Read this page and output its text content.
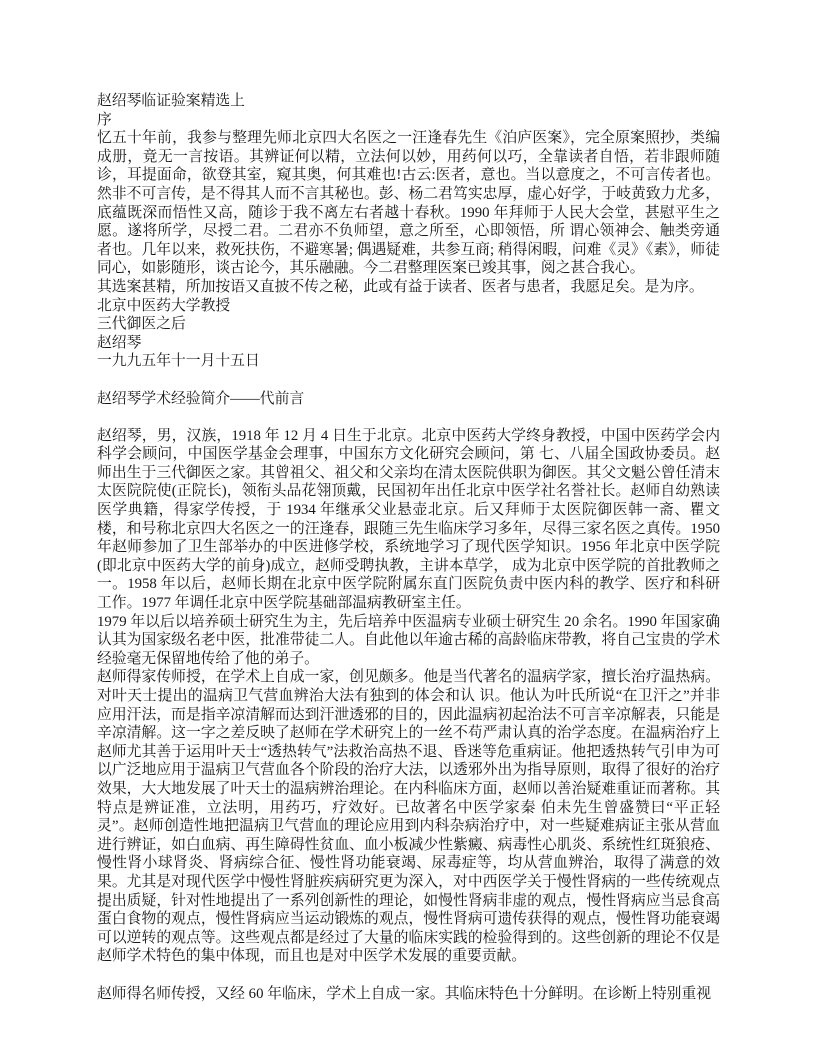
赵绍琴临证验案精选上

序

忆五十年前，我参与整理先师北京四大名医之一汪逢春先生《泊庐医案》，完全原案照抄，类编成册，竟无一言按语。其辨证何以精，立法何以妙，用药何以巧，全靠读者自悟，若非跟师随诊，耳提面命，欲登其室，窥其奥，何其难也!古云:医者，意也。当以意度之，不可言传者也。然非不可言传，是不得其人而不言其秘也。彭、杨二君笃实忠厚，虚心好学，于岐黄致力尤多，底蕴既深而悟性又高，随诊于我不离左右者越十春秋。1990 年拜师于人民大会堂，甚慰平生之愿。遂将所学，尽授二君。二君亦不负师望，意之所至，心即领悟，所 谓心领神会、触类旁通者也。几年以来，救死扶伤，不避寒暑; 偶遇疑难，共参互商; 稍得闲暇，问难《灵》《素》，师徒同心，如影随形，谈古论今，其乐融融。今二君整理医案已竣其事，阅之甚合我心。

其选案甚精，所加按语又直披不传之秘，此或有益于读者、医者与患者，我愿足矣。是为序。

北京中医药大学教授

三代御医之后

赵绍琴

一九九五年十一月十五日

赵绍琴学术经验简介——代前言

赵绍琴，男，汉族，1918 年 12 月 4 日生于北京。北京中医药大学终身教授，中国中医药学会内科学会顾问，中国医学基金会理事，中国东方文化研究会顾问，第 七、八届全国政协委员。赵师出生于三代御医之家。其曾祖父、祖父和父亲均在清太医院供职为御医。其父文魁公曾任清末太医院院使(正院长)，领衔头品花翎顶戴，民国初年出任北京中医学社名誉社长。赵师自幼熟读医学典籍，得家学传授，于 1934 年继承父业悬壶北京。后又拜师于太医院御医韩一斋、瞿文楼，和号称北京四大名医之一的汪逢春，跟随三先生临床学习多年，尽得三家名医之真传。1950 年赵师参加了卫生部举办的中医进修学校，系统地学习了现代医学知识。1956 年北京中医学院(即北京中医药大学的前身)成立，赵师受聘执教，主讲本草学， 成为北京中医学院的首批教师之一。1958 年以后，赵师长期在北京中医学院附属东直门医院负责中医内科的教学、医疗和科研工作。1977 年调任北京中医学院基础部温病教研室主任。

1979 年以后以培养硕士研究生为主，先后培养中医温病专业硕士研究生 20 余名。1990 年国家确认其为国家级名老中医，批准带徒二人。自此他以年逾古稀的高龄临床带教，将自己宝贵的学术经验毫无保留地传给了他的弟子。

赵师得家传师授，在学术上自成一家，创见颇多。他是当代著名的温病学家，擅长治疗温热病。对叶天士提出的温病卫气营血辨治大法有独到的体会和认 识。他认为叶氏所说“在卫汗之”并非应用汗法，而是指辛凉清解而达到汗泄透邪的目的，因此温病初起治法不可言辛凉解表，只能是辛凉清解。这一字之差反映了赵师在学术研究上的一丝不苟严肃认真的治学态度。在温病治疗上赵师尤其善于运用叶天士“透热转气”法救治高热不退、昏迷等危重病证。他把透热转气引申为可以广泛地应用于温病卫气营血各个阶段的治疗大法，以透邪外出为指导原则，取得了很好的治疗效果，大大地发展了叶天士的温病辨治理论。在内科临床方面，赵师以善治疑难重证而著称。其特点是辨证准，立法明，用药巧，疗效好。已故著名中医学家秦 伯未先生曾盛赞曰“平正轻灵”。赵师创造性地把温病卫气营血的理论应用到内科杂病治疗中，对一些疑难病证主张从营血进行辨证，如白血病、再生障碍性贫血、血小板减少性紫癜、病毒性心肌炎、系统性红斑狼疮、慢性肾小球肾炎、肾病综合征、慢性肾功能衰竭、尿毒症等，均从营血辨治，取得了满意的效果。尤其是对现代医学中慢性肾脏疾病研究更为深入，对中西医学关于慢性肾病的一些传统观点提出质疑，针对性地提出了一系列创新性的理论，如慢性肾病非虚的观点，慢性肾病应当忌食高蛋白食物的观点，慢性肾病应当运动锻炼的观点，慢性肾病可遗传获得的观点，慢性肾功能衰竭可以逆转的观点等。这些观点都是经过了大量的临床实践的检验得到的。这些创新的理论不仅是赵师学术特色的集中体现，而且也是对中医学术发展的重要贡献。

赵师得名师传授，又经 60 年临床，学术上自成一家。其临床特色十分鲜明。在诊断上特别重视
